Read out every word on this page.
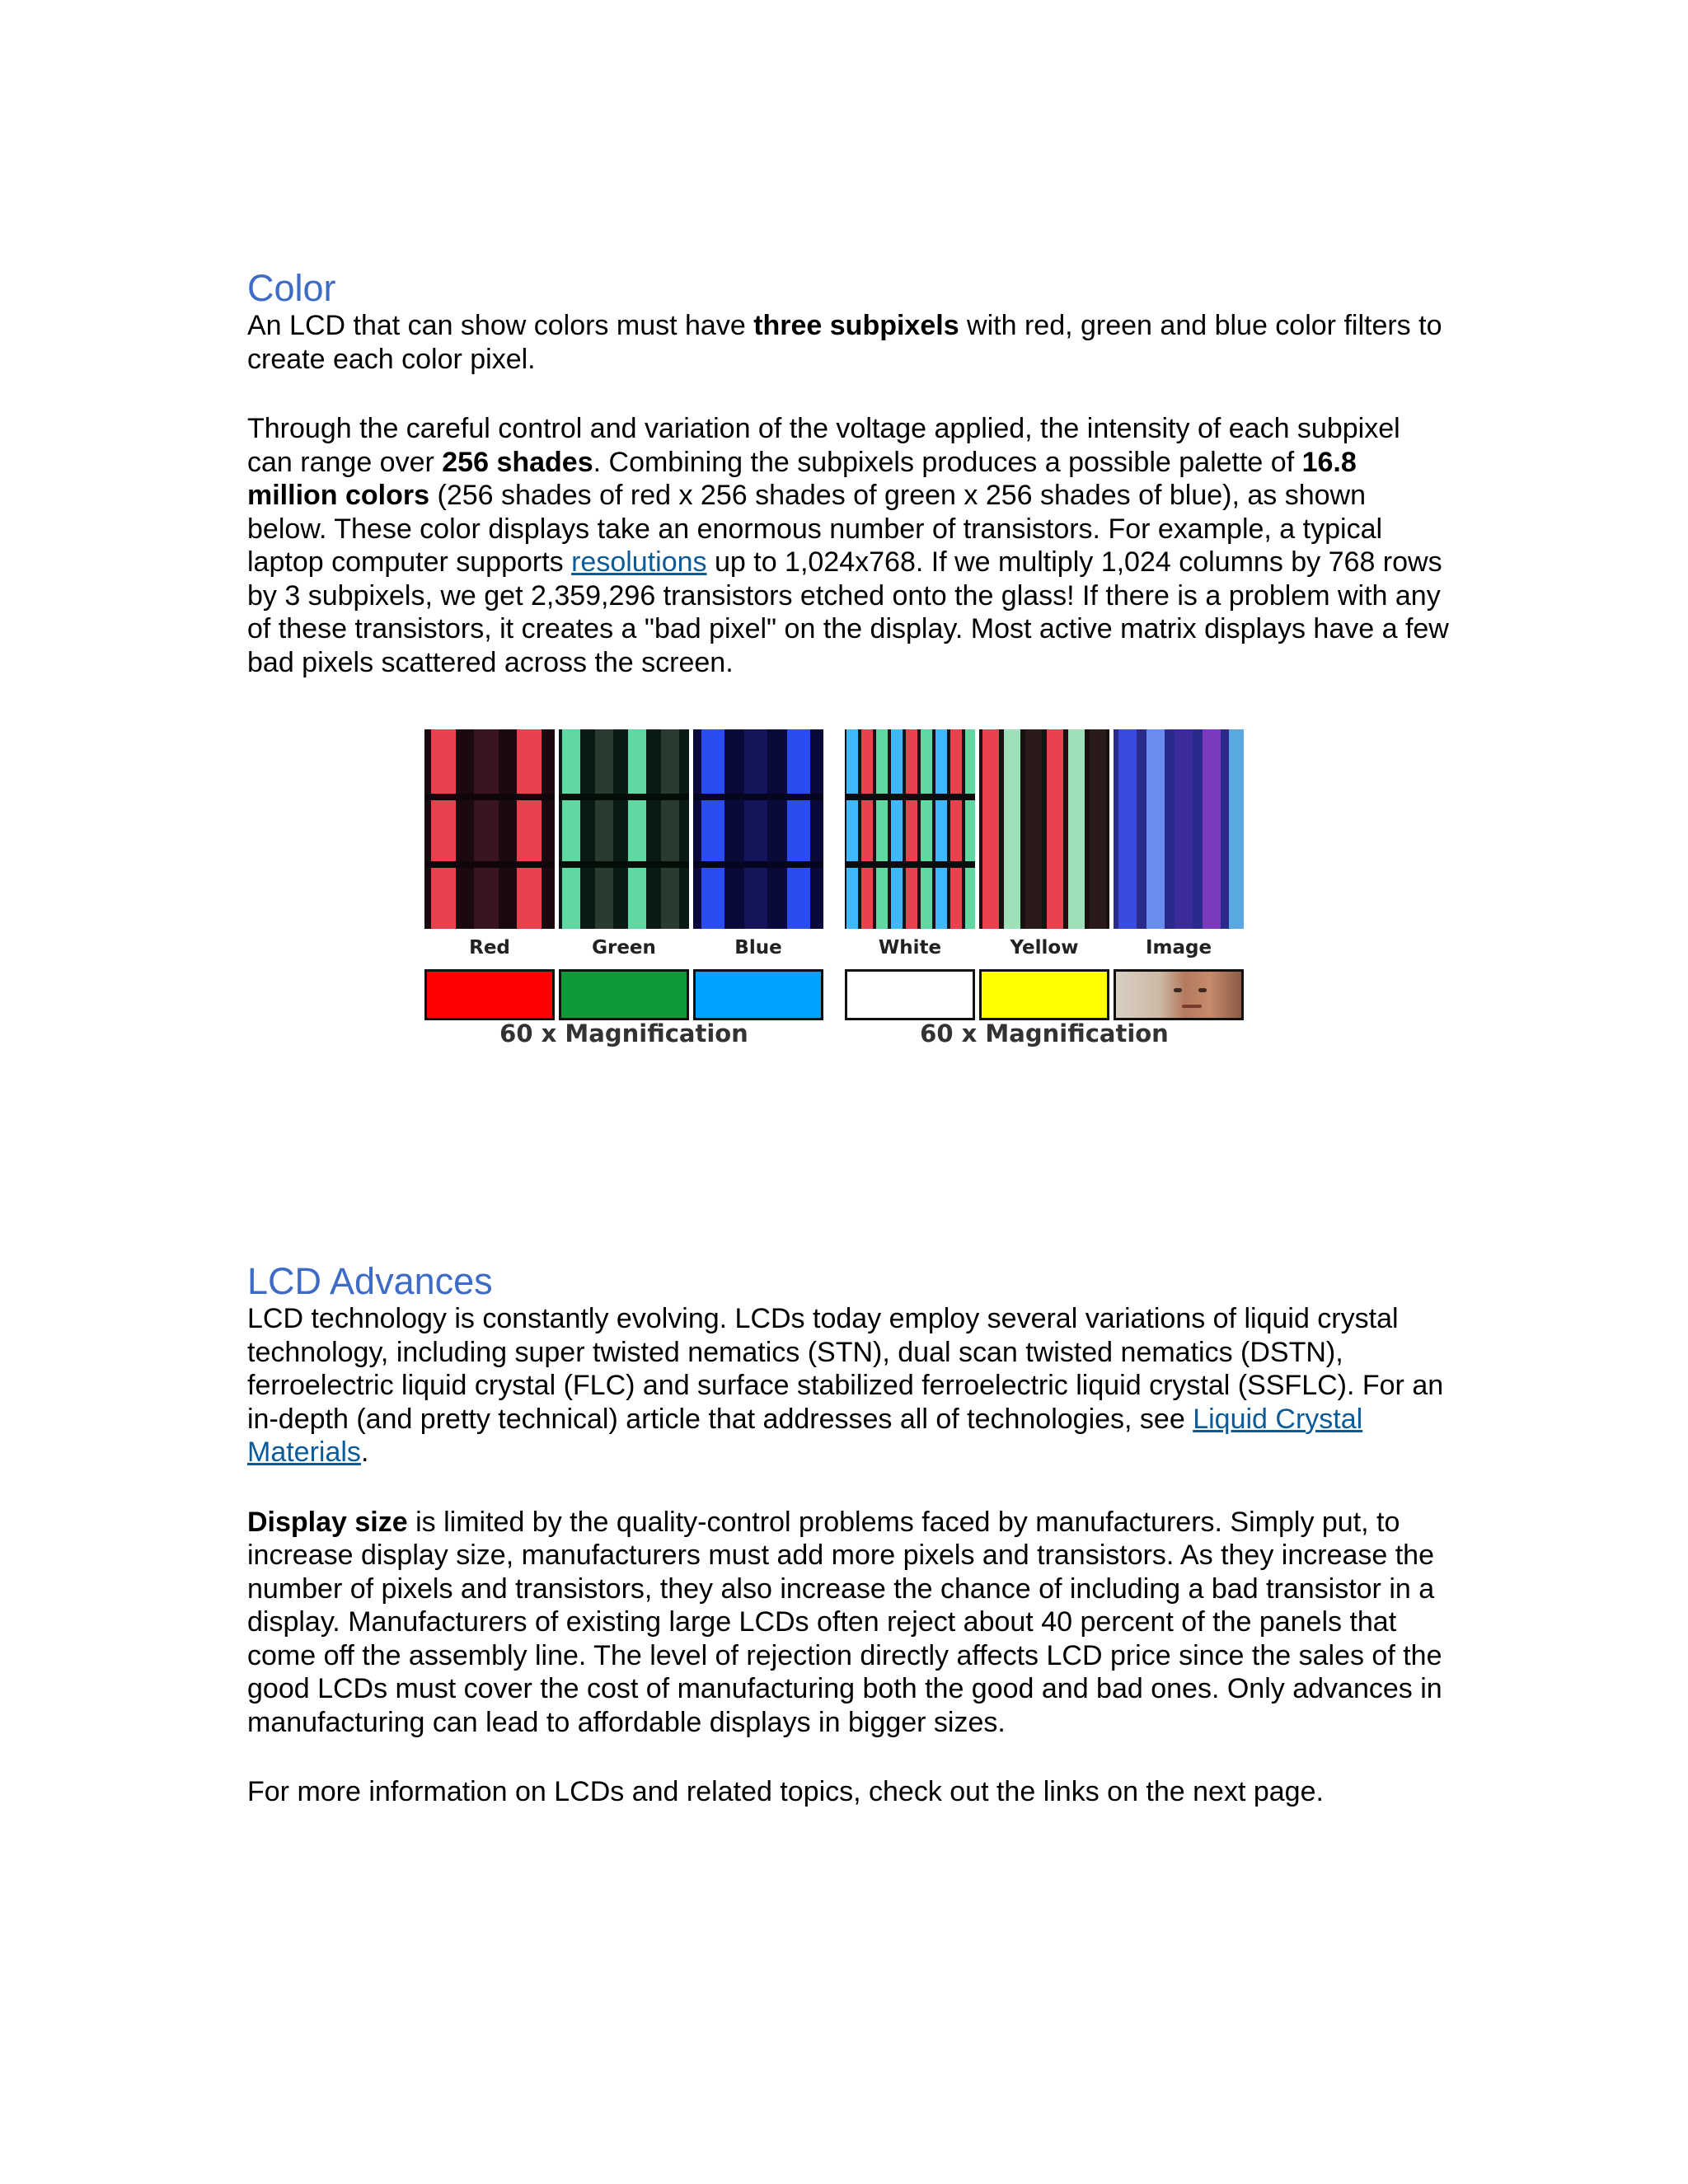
Color

An LCD that can show colors must have three subpixels with red, green and blue color filters to create each color pixel.

Through the careful control and variation of the voltage applied, the intensity of each subpixel can range over 256 shades. Combining the subpixels produces a possible palette of 16.8 million colors (256 shades of red x 256 shades of green x 256 shades of blue), as shown below. These color displays take an enormous number of transistors. For example, a typical laptop computer supports resolutions up to 1,024x768. If we multiply 1,024 columns by 768 rows by 3 subpixels, we get 2,359,296 transistors etched onto the glass! If there is a problem with any of these transistors, it creates a "bad pixel" on the display. Most active matrix displays have a few bad pixels scattered across the screen.

LCD Advances

LCD technology is constantly evolving. LCDs today employ several variations of liquid crystal technology, including super twisted nematics (STN), dual scan twisted nematics (DSTN), ferroelectric liquid crystal (FLC) and surface stabilized ferroelectric liquid crystal (SSFLC). For an in-depth (and pretty technical) article that addresses all of technologies, see Liquid Crystal Materials.

Display size is limited by the quality-control problems faced by manufacturers. Simply put, to increase display size, manufacturers must add more pixels and transistors. As they increase the number of pixels and transistors, they also increase the chance of including a bad transistor in a display. Manufacturers of existing large LCDs often reject about 40 percent of the panels that come off the assembly line. The level of rejection directly affects LCD price since the sales of the good LCDs must cover the cost of manufacturing both the good and bad ones. Only advances in manufacturing can lead to affordable displays in bigger sizes.

For more information on LCDs and related topics, check out the links on the next page.

Red	Green	Blue
60 x Magnification
White	Yellow	Image
60 x Magnification
